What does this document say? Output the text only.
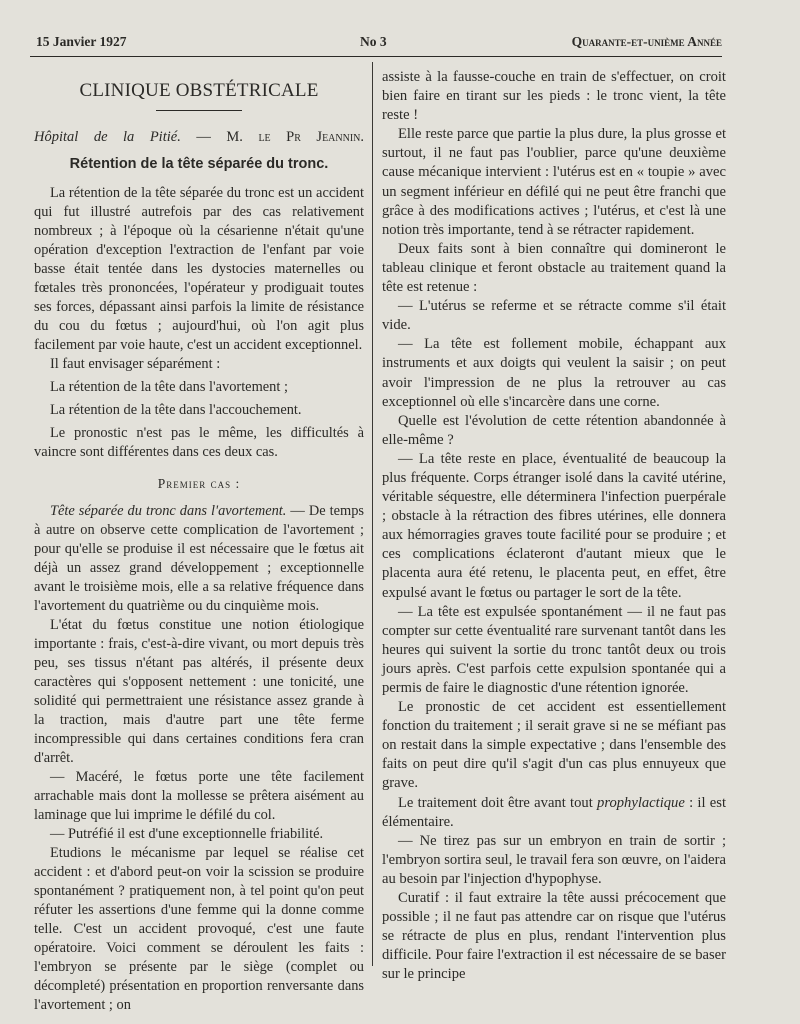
15 Janvier 1927	No 3	Quarante-et-unième Année
CLINIQUE OBSTÉTRICALE
Hôpital de la Pitié. — M. le Pr Jeannin.
Rétention de la tête séparée du tronc.

La rétention de la tête séparée du tronc est un accident qui fut illustré autrefois par des cas relativement nombreux ; à l'époque où la césarienne n'était qu'une opération d'exception l'extraction de l'enfant par voie basse était tentée dans les dystocies maternelles ou fœtales très prononcées, l'opérateur y prodiguait toutes ses forces, dépassant ainsi parfois la limite de résistance du cou du fœtus ; aujourd'hui, où l'on agit plus facilement par voie haute, c'est un accident exceptionnel.

Il faut envisager séparément :

La rétention de la tête dans l'avortement ;

La rétention de la tête dans l'accouchement.

Le pronostic n'est pas le même, les difficultés à vaincre sont différentes dans ces deux cas.

Premier cas :

Tête séparée du tronc dans l'avortement. — De temps à autre on observe cette complication de l'avortement ; pour qu'elle se produise il est nécessaire que le fœtus ait déjà un assez grand développement ; exceptionnelle avant le troisième mois, elle a sa relative fréquence dans l'avortement du quatrième ou du cinquième mois.

L'état du fœtus constitue une notion étiologique importante : frais, c'est-à-dire vivant, ou mort depuis très peu, ses tissus n'étant pas altérés, il présente deux caractères qui s'opposent nettement : une tonicité, une solidité qui permettraient une résistance assez grande à la traction, mais d'autre part une tête ferme incompressible qui dans certaines conditions fera cran d'arrêt.

— Macéré, le fœtus porte une tête facilement arrachable mais dont la mollesse se prêtera aisément au laminage que lui imprime le défilé du col.

— Putréfié il est d'une exceptionnelle friabilité.

Etudions le mécanisme par lequel se réalise cet accident : et d'abord peut-on voir la scission se produire spontanément ? pratiquement non, à tel point qu'on peut réfuter les assertions d'une femme qui la donne comme telle. C'est un accident provoqué, c'est une faute opératoire. Voici comment se déroulent les faits : l'embryon se présente par le siège (complet ou décompleté) présentation en proportion renversante dans l'avortement ; on

assiste à la fausse-couche en train de s'effectuer, on croit bien faire en tirant sur les pieds : le tronc vient, la tête reste !

Elle reste parce que partie la plus dure, la plus grosse et surtout, il ne faut pas l'oublier, parce qu'une deuxième cause mécanique intervient : l'utérus est en « toupie » avec un segment inférieur en défilé qui ne peut être franchi que grâce à des modifications actives ; l'utérus, et c'est là une notion très importante, tend à se rétracter rapidement.

Deux faits sont à bien connaître qui domineront le tableau clinique et feront obstacle au traitement quand la tête est retenue :

— L'utérus se referme et se rétracte comme s'il était vide.

— La tête est follement mobile, échappant aux instruments et aux doigts qui veulent la saisir ; on peut avoir l'impression de ne plus la retrouver au cas exceptionnel où elle s'incarcère dans une corne.

Quelle est l'évolution de cette rétention abandonnée à elle-même ?

— La tête reste en place, éventualité de beaucoup la plus fréquente. Corps étranger isolé dans la cavité utérine, véritable séquestre, elle déterminera l'infection puerpérale ; obstacle à la rétraction des fibres utérines, elle donnera aux hémorragies graves toute facilité pour se produire ; et ces complications éclateront d'autant mieux que le placenta aura été retenu, le placenta peut, en effet, être expulsé avant le fœtus ou partager le sort de la tête.

— La tête est expulsée spontanément — il ne faut pas compter sur cette éventualité rare survenant tantôt dans les heures qui suivent la sortie du tronc tantôt deux ou trois jours après. C'est parfois cette expulsion spontanée qui a permis de faire le diagnostic d'une rétention ignorée.

Le pronostic de cet accident est essentiellement fonction du traitement ; il serait grave si ne se méfiant pas on restait dans la simple expectative ; dans l'ensemble des faits on peut dire qu'il s'agit d'un cas plus ennuyeux que grave.

Le traitement doit être avant tout prophylactique : il est élémentaire.

— Ne tirez pas sur un embryon en train de sortir ; l'embryon sortira seul, le travail fera son œuvre, on l'aidera au besoin par l'injection d'hypophyse.

Curatif : il faut extraire la tête aussi précocement que possible ; il ne faut pas attendre car on risque que l'utérus se rétracte de plus en plus, rendant l'intervention plus difficile. Pour faire l'extraction il est nécessaire de se baser sur le principe
